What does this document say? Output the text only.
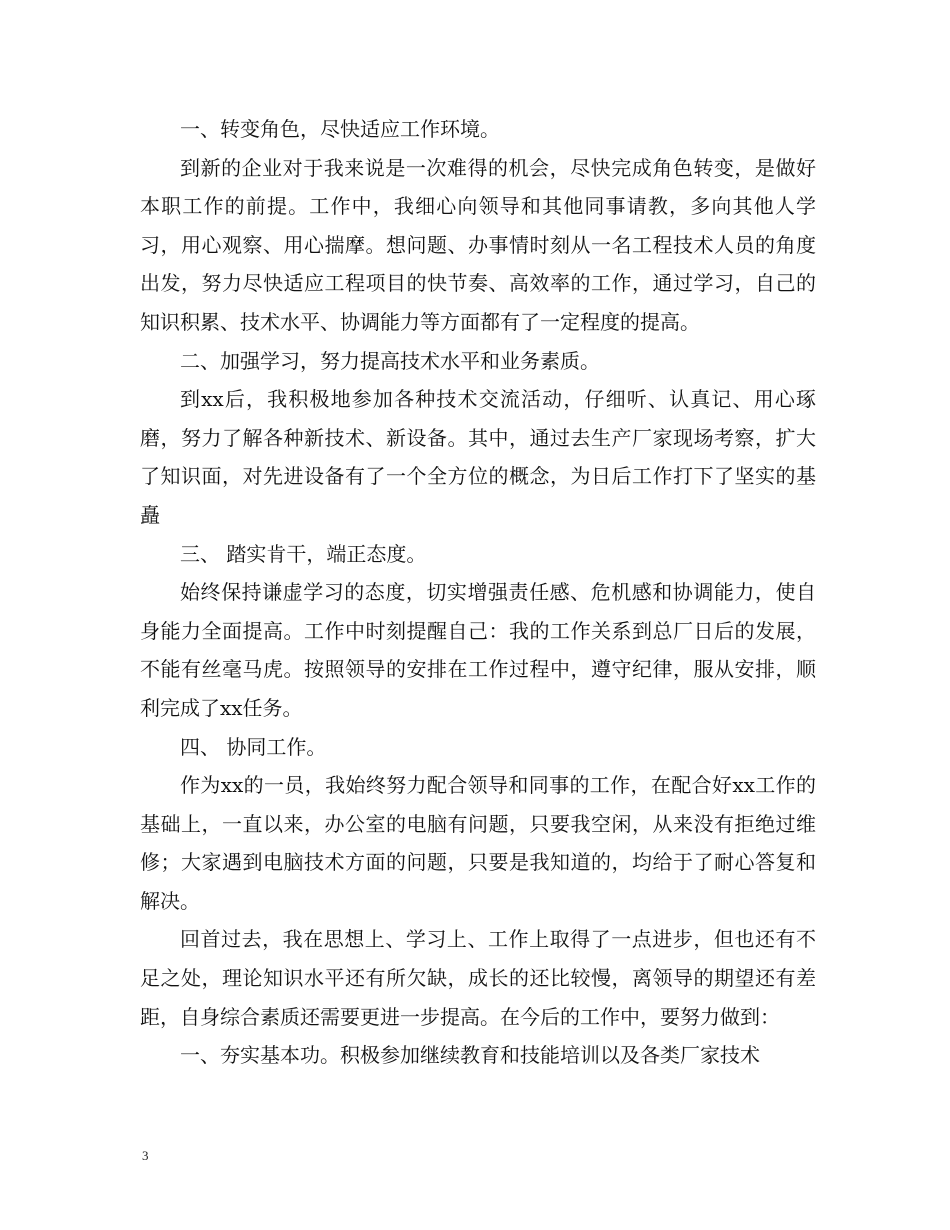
一、转变角色，尽快适应工作环境。

到新的企业对于我来说是一次难得的机会，尽快完成角色转变，是做好本职工作的前提。工作中，我细心向领导和其他同事请教，多向其他人学习，用心观察、用心揣摩。想问题、办事情时刻从一名工程技术人员的角度出发，努力尽快适应工程项目的快节奏、高效率的工作，通过学习，自己的知识积累、技术水平、协调能力等方面都有了一定程度的提高。

二、加强学习，努力提高技术水平和业务素质。

到xx后，我积极地参加各种技术交流活动，仔细听、认真记、用心琢磨，努力了解各种新技术、新设备。其中，通过去生产厂家现场考察，扩大了知识面，对先进设备有了一个全方位的概念，为日后工作打下了坚实的基矗

三、 踏实肯干，端正态度。

始终保持谦虚学习的态度，切实增强责任感、危机感和协调能力，使自身能力全面提高。工作中时刻提醒自己：我的工作关系到总厂日后的发展，不能有丝毫马虎。按照领导的安排在工作过程中，遵守纪律，服从安排，顺利完成了xx任务。

四、 协同工作。

作为xx的一员，我始终努力配合领导和同事的工作，在配合好xx工作的基础上，一直以来，办公室的电脑有问题，只要我空闲，从来没有拒绝过维修；大家遇到电脑技术方面的问题，只要是我知道的，均给于了耐心答复和解决。

回首过去，我在思想上、学习上、工作上取得了一点进步，但也还有不足之处，理论知识水平还有所欠缺，成长的还比较慢，离领导的期望还有差距，自身综合素质还需要更进一步提高。在今后的工作中，要努力做到：

一、夯实基本功。积极参加继续教育和技能培训以及各类厂家技术

3
